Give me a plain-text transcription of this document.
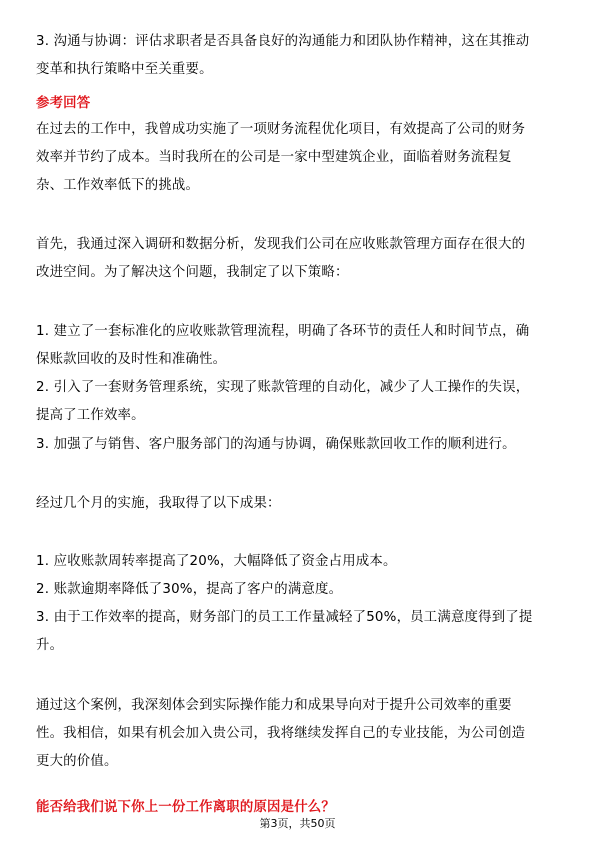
3. 沟通与协调：评估求职者是否具备良好的沟通能力和团队协作精神，这在其推动
变革和执行策略中至关重要。
参考回答
在过去的工作中，我曾成功实施了一项财务流程优化项目，有效提高了公司的财务
效率并节约了成本。当时我所在的公司是一家中型建筑企业，面临着财务流程复
杂、工作效率低下的挑战。
首先，我通过深入调研和数据分析，发现我们公司在应收账款管理方面存在很大的
改进空间。为了解决这个问题，我制定了以下策略：
1. 建立了一套标准化的应收账款管理流程，明确了各环节的责任人和时间节点，确
保账款回收的及时性和准确性。
2. 引入了一套财务管理系统，实现了账款管理的自动化，减少了人工操作的失误，
提高了工作效率。
3. 加强了与销售、客户服务部门的沟通与协调，确保账款回收工作的顺利进行。
经过几个月的实施，我取得了以下成果：
1. 应收账款周转率提高了20%，大幅降低了资金占用成本。
2. 账款逾期率降低了30%，提高了客户的满意度。
3. 由于工作效率的提高，财务部门的员工工作量减轻了50%，员工满意度得到了提
升。
通过这个案例，我深刻体会到实际操作能力和成果导向对于提升公司效率的重要
性。我相信，如果有机会加入贵公司，我将继续发挥自己的专业技能，为公司创造
更大的价值。
能否给我们说下你上一份工作离职的原因是什么？
第3页，共50页
